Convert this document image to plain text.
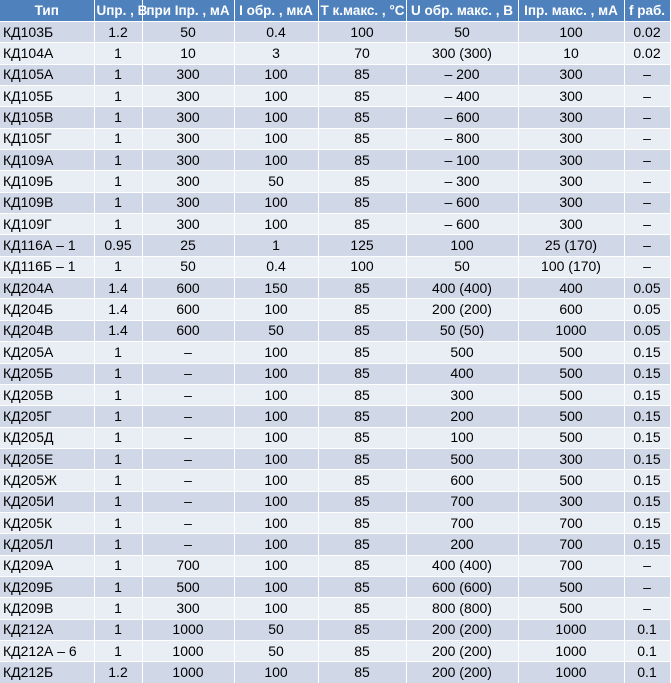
Тип	Uпр. , В	при Iпр. , мА	I обр. , мкА	T к.макс. , °С	U обр. макс. , В	Iпр. макс. , мА	f раб.
КД103Б	1.2	50	0.4	100	50	100	0.02
КД104А	1	10	3	70	300 (300)	10	0.02
КД105А	1	300	100	85	– 200	300	–
КД105Б	1	300	100	85	– 400	300	–
КД105В	1	300	100	85	– 600	300	–
КД105Г	1	300	100	85	– 800	300	–
КД109А	1	300	100	85	– 100	300	–
КД109Б	1	300	50	85	– 300	300	–
КД109В	1	300	100	85	– 600	300	–
КД109Г	1	300	100	85	– 600	300	–
КД116А – 1	0.95	25	1	125	100	25 (170)	–
КД116Б – 1	1	50	0.4	100	50	100 (170)	–
КД204А	1.4	600	150	85	400 (400)	400	0.05
КД204Б	1.4	600	100	85	200 (200)	600	0.05
КД204В	1.4	600	50	85	50 (50)	1000	0.05
КД205А	1	–	100	85	500	500	0.15
КД205Б	1	–	100	85	400	500	0.15
КД205В	1	–	100	85	300	500	0.15
КД205Г	1	–	100	85	200	500	0.15
КД205Д	1	–	100	85	100	500	0.15
КД205Е	1	–	100	85	500	300	0.15
КД205Ж	1	–	100	85	600	500	0.15
КД205И	1	–	100	85	700	300	0.15
КД205К	1	–	100	85	700	700	0.15
КД205Л	1	–	100	85	200	700	0.15
КД209А	1	700	100	85	400 (400)	700	–
КД209Б	1	500	100	85	600 (600)	500	–
КД209В	1	300	100	85	800 (800)	500	–
КД212А	1	1000	50	85	200 (200)	1000	0.1
КД212А – 6	1	1000	50	85	200 (200)	1000	0.1
КД212Б	1.2	1000	100	85	200 (200)	1000	0.1
